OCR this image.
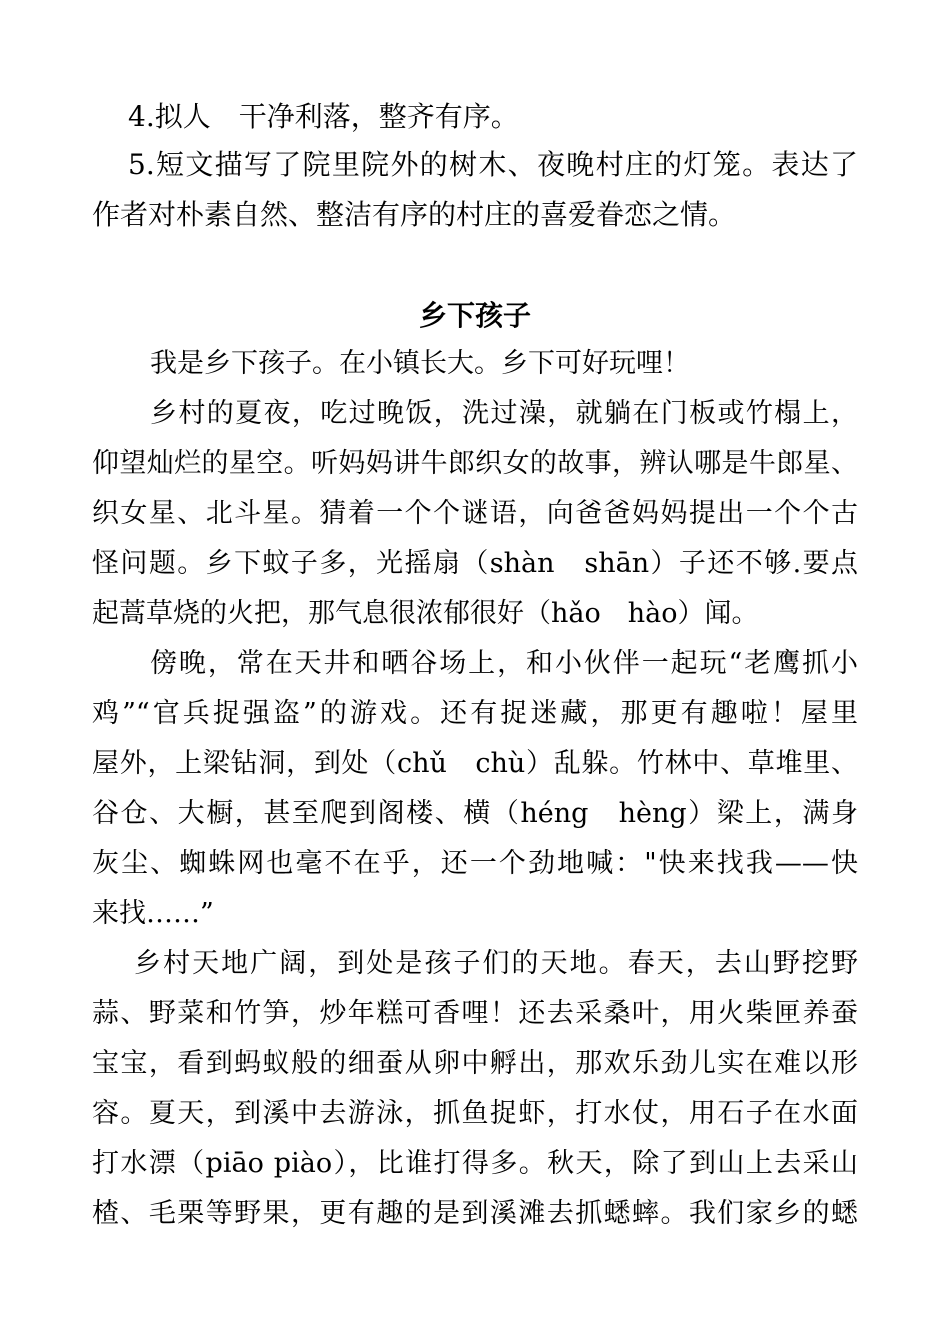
4.拟人　干净利落，整齐有序。
5.短文描写了院里院外的树木、夜晚村庄的灯笼。表达了
作者对朴素自然、整洁有序的村庄的喜爱眷恋之情。
乡下孩子
我是乡下孩子。在小镇长大。乡下可好玩哩！
乡村的夏夜，吃过晚饭，洗过澡，就躺在门板或竹榻上，
仰望灿烂的星空。听妈妈讲牛郎织女的故事，辨认哪是牛郎星、
织女星、北斗星。猜着一个个谜语，向爸爸妈妈提出一个个古
怪问题。乡下蚊子多，光摇扇（shàn　shān）子还不够.要点
起蒿草烧的火把，那气息很浓郁很好（hǎo　hào）闻。
傍晚，常在天井和晒谷场上，和小伙伴一起玩“老鹰抓小
鸡”“官兵捉强盗”的游戏。还有捉迷藏，那更有趣啦！屋里
屋外，上梁钻洞，到处（chǔ　chù）乱躲。竹林中、草堆里、
谷仓、大橱，甚至爬到阁楼、横（héng　hèng）梁上，满身
灰尘、蜘蛛网也毫不在乎，还一个劲地喊："快来找我——快
来找……”
乡村天地广阔，到处是孩子们的天地。春天，去山野挖野
蒜、野菜和竹笋，炒年糕可香哩！还去采桑叶，用火柴匣养蚕
宝宝，看到蚂蚁般的细蚕从卵中孵出，那欢乐劲儿实在难以形
容。夏天，到溪中去游泳，抓鱼捉虾，打水仗，用石子在水面
打水漂（piāo piào），比谁打得多。秋天，除了到山上去采山
楂、毛栗等野果，更有趣的是到溪滩去抓蟋蟀。我们家乡的蟋
